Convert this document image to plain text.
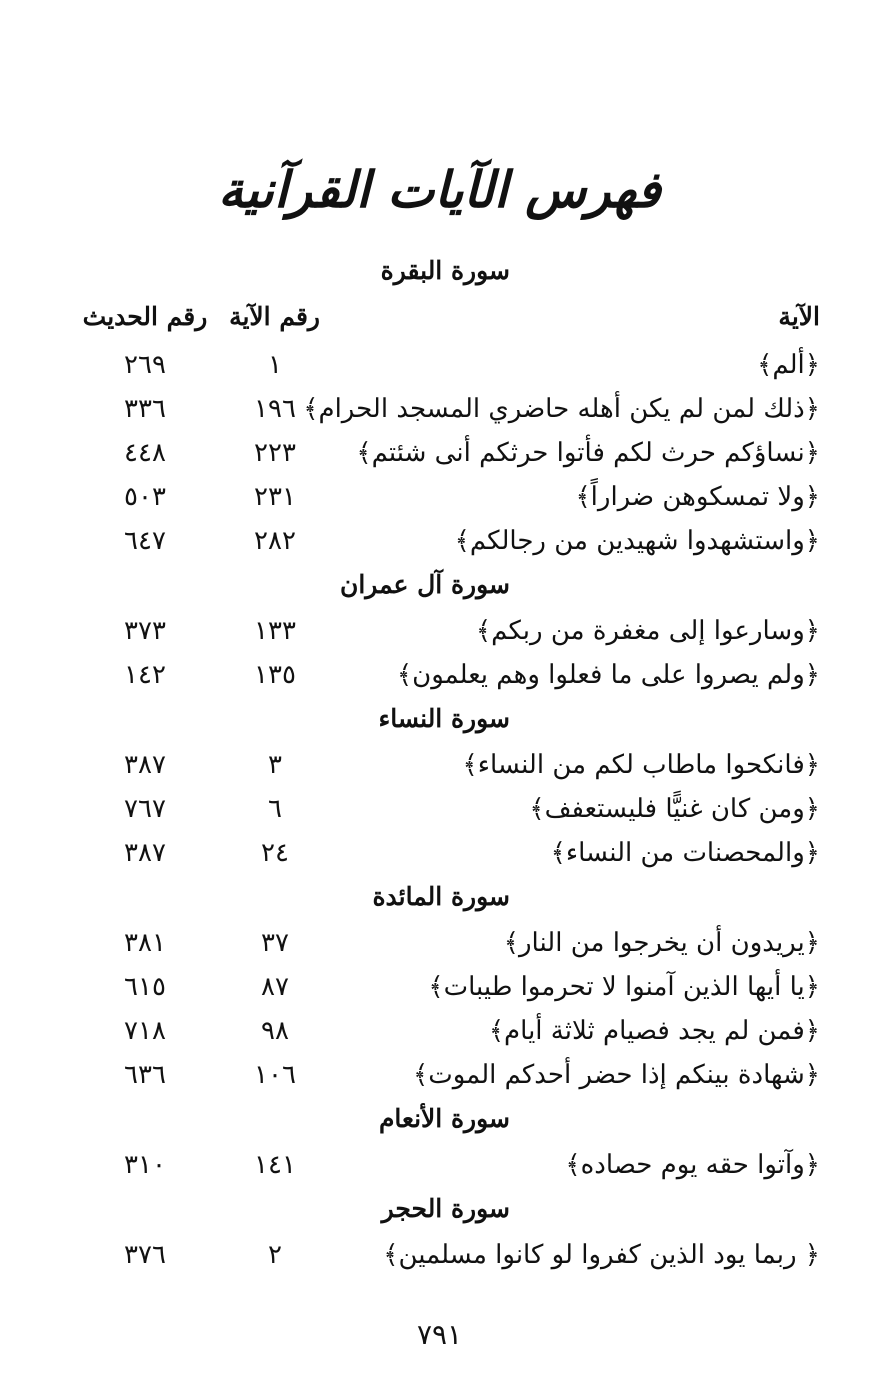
فهرس الآيات القرآنية
سورة البقرة
الآية
رقم الآية
رقم الحديث
﴿ألم﴾
١
٢٦٩
﴿ذلك لمن لم يكن أهله حاضري المسجد الحرام﴾
١٩٦
٣٣٦
﴿نساؤكم حرث لكم فأتوا حرثكم أنى شئتم﴾
٢٢٣
٤٤٨
﴿ولا تمسكوهن ضراراً﴾
٢٣١
٥٠٣
﴿واستشهدوا شهيدين من رجالكم﴾
٢٨٢
٦٤٧
سورة آل عمران
﴿وسارعوا إلى مغفرة من ربكم﴾
١٣٣
٣٧٣
﴿ولم يصروا على ما فعلوا وهم يعلمون﴾
١٣٥
١٤٢
سورة النساء
﴿فانكحوا ماطاب لكم من النساء﴾
٣
٣٨٧
﴿ومن كان غنيًّا فليستعفف﴾
٦
٧٦٧
﴿والمحصنات من النساء﴾
٢٤
٣٨٧
سورة المائدة
﴿يريدون أن يخرجوا من النار﴾
٣٧
٣٨١
﴿يا أيها الذين آمنوا لا تحرموا طيبات﴾
٨٧
٦١٥
﴿فمن لم يجد فصيام ثلاثة أيام﴾
٩٨
٧١٨
﴿شهادة بينكم إذا حضر أحدكم الموت﴾
١٠٦
٦٣٦
سورة الأنعام
﴿وآتوا حقه يوم حصاده﴾
١٤١
٣١٠
سورة الحجر
﴿ ربما يود الذين كفروا لو كانوا مسلمين﴾
٢
٣٧٦
٧٩١
